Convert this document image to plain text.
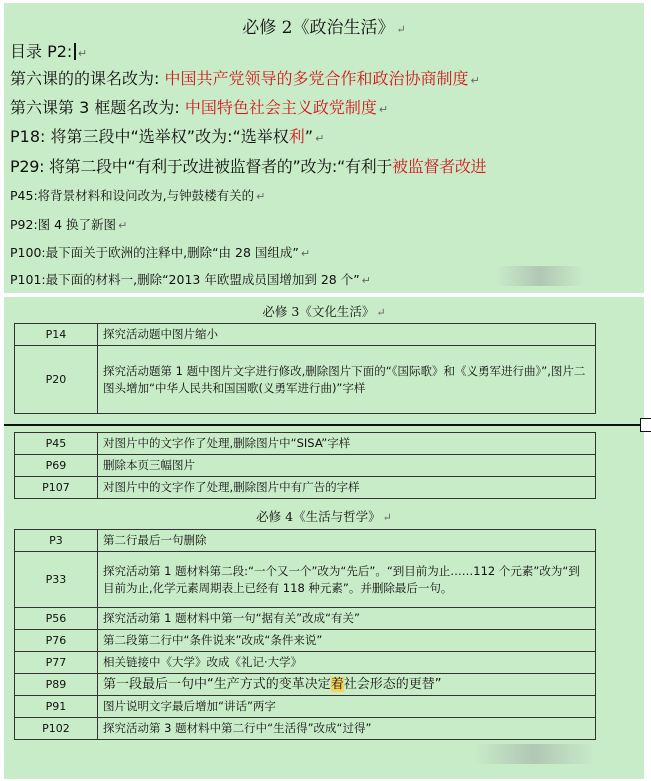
必修 2《政治生活》 ↵
目录 P2: ↵
第六课的的课名改为: 中国共产党领导的多党合作和政治协商制度 ↵
第六课第 3 框题名改为: 中国特色社会主义政党制度 ↵
P18: 将第三段中“选举权”改为:“选举权利” ↵
P29: 将第二段中“有利于改进被监督者的”改为:“有利于被监督者改进
P45:将背景材料和设问改为,与钟鼓楼有关的 ↵
P92:图 4 换了新图 ↵
P100:最下面关于欧洲的注释中,删除“由 28 国组成” ↵
P101:最下面的材料一,删除“2013 年欧盟成员国增加到 28 个” ↵
必修 3《文化生活》 ↵
P14	探究活动题中图片缩小
P20	探究活动题第 1 题中图片文字进行修改,删除图片下面的“《国际歌》和《义勇军进行曲》”,图片二图头增加“中华人民共和国国歌(义勇军进行曲)”字样
P45	对图片中的文字作了处理,删除图片中“SISA”字样
P69	删除本页三幅图片
P107	对图片中的文字作了处理,删除图片中有广告的字样
必修 4《生活与哲学》 ↵
P3	第二行最后一句删除
P33	探究活动第 1 题材料第二段:“一个又一个”改为“先后”。“到目前为止……112 个元素”改为“到目前为止,化学元素周期表上已经有 118 种元素”。并删除最后一句。
P56	探究活动第 1 题材料中第一句“据有关”改成“有关”
P76	第二段第二行中“条件说来”改成“条件来说”
P77	相关链接中《大学》改成《礼记·大学》
P89	第一段最后一句中“生产方式的变革决定着社会形态的更替”
P91	图片说明文字最后增加“讲话”两字
P102	探究活动第 3 题材料中第二行中“生活得”改成“过得”
